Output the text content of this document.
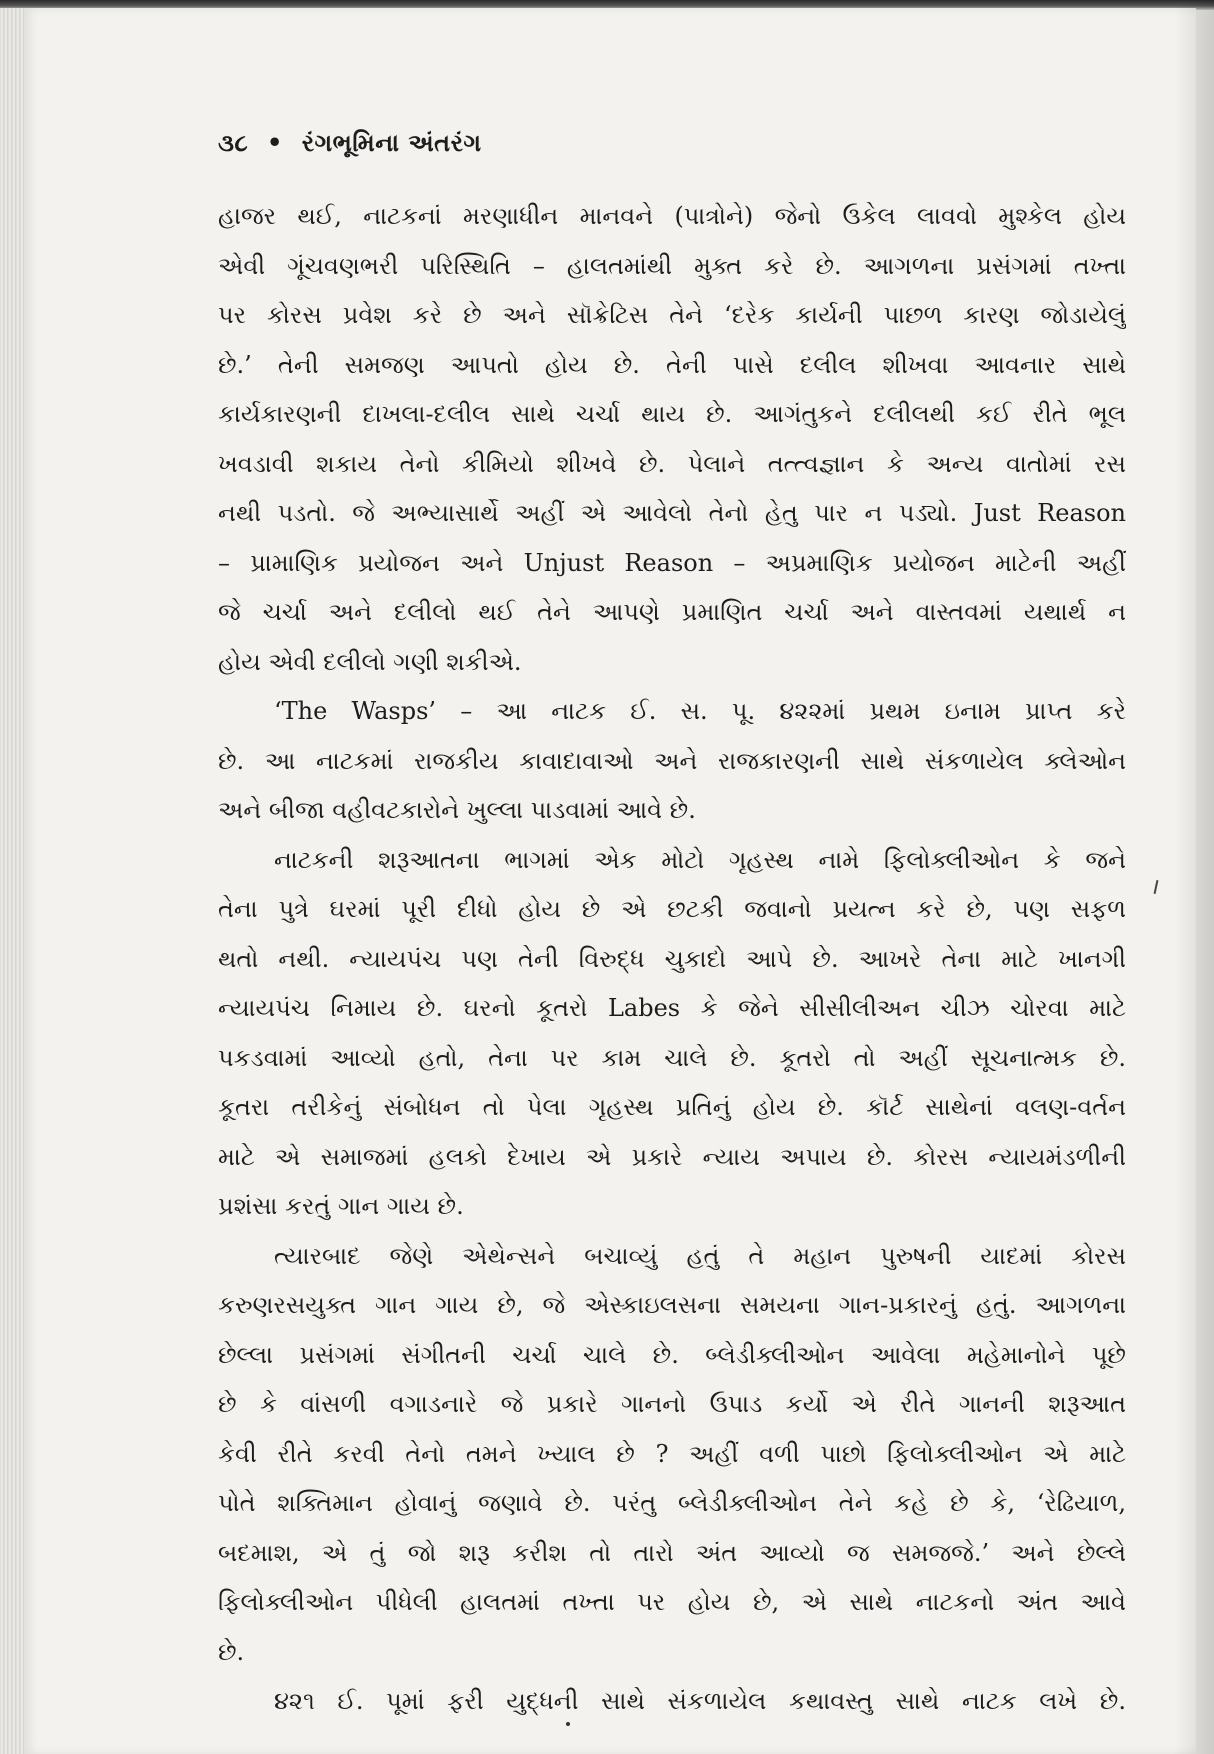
૩૮ • રંગભૂમિના અંતરંગ
હાજર થઈ, નાટકનાં મરણાધીન માનવને (પાત્રોને) જેનો ઉકેલ લાવવો મુશ્કેલ હોય
એવી ગૂંચવણભરી પરિસ્થિતિ – હાલતમાંથી મુક્ત કરે છે. આગળના પ્રસંગમાં તખ્તા
પર કોરસ પ્રવેશ કરે છે અને સૉક્રેટિસ તેને ‘દરેક કાર્યની પાછળ કારણ જોડાયેલું
છે.’ તેની સમજણ આપતો હોય છે. તેની પાસે દલીલ શીખવા આવનાર સાથે
કાર્યકારણની દાખલા-દલીલ સાથે ચર્ચા થાય છે. આગંતુકને દલીલથી કઈ રીતે ભૂલ
ખવડાવી શકાય તેનો કીમિયો શીખવે છે. પેલાને તત્ત્વજ્ઞાન કે અન્ય વાતોમાં રસ
નથી પડતો. જે અભ્યાસાર્થે અહીં એ આવેલો તેનો હેતુ પાર ન પડ્યો. Just Reason
– પ્રામાણિક પ્રયોજન અને Unjust Reason – અપ્રમાણિક પ્રયોજન માટેની અહીં
જે ચર્ચા અને દલીલો થઈ તેને આપણે પ્રમાણિત ચર્ચા અને વાસ્તવમાં યથાર્થ ન
હોય એવી દલીલો ગણી શકીએ.
‘The Wasps’ – આ નાટક ઈ. સ. પૂ. ૪૨૨માં પ્રથમ ઇનામ પ્રાપ્ત કરે
છે. આ નાટકમાં રાજકીય કાવાદાવાઓ અને રાજકારણની સાથે સંકળાયેલ ક્લેઓન
અને બીજા વહીવટકારોને ખુલ્લા પાડવામાં આવે છે.
નાટકની શરૂઆતના ભાગમાં એક મોટો ગૃહસ્થ નામે ફિલોક્લીઓન કે જને
તેના પુત્રે ઘરમાં પૂરી દીધો હોય છે એ છટકી જવાનો પ્રયત્ન કરે છે, પણ સફળ
થતો નથી. ન્યાયપંચ પણ તેની વિરુદ્ધ ચુકાદો આપે છે. આખરે તેના માટે ખાનગી
ન્યાયપંચ નિમાય છે. ઘરનો કૂતરો Labes કે જેને સીસીલીઅન ચીઝ ચોરવા માટે
પકડવામાં આવ્યો હતો, તેના પર કામ ચાલે છે. કૂતરો તો અહીં સૂચનાત્મક છે.
કૂતરા તરીકેનું સંબોધન તો પેલા ગૃહસ્થ પ્રતિનું હોય છે. કૉર્ટ સાથેનાં વલણ-વર્તન
માટે એ સમાજમાં હલકો દેખાય એ પ્રકારે ન્યાય અપાય છે. કોરસ ન્યાયમંડળીની
પ્રશંસા કરતું ગાન ગાય છે.
ત્યારબાદ જેણે એથેન્સને બચાવ્યું હતું તે મહાન પુરુષની યાદમાં કોરસ
કરુણરસયુક્ત ગાન ગાય છે, જે એસ્કાઇલસના સમયના ગાન-પ્રકારનું હતું. આગળના
છેલ્લા પ્રસંગમાં સંગીતની ચર્ચા ચાલે છે. બ્લેડીક્લીઓન આવેલા મહેમાનોને પૂછે
છે કે વાંસળી વગાડનારે જે પ્રકારે ગાનનો ઉપાડ કર્યો એ રીતે ગાનની શરૂઆત
કેવી રીતે કરવી તેનો તમને ખ્યાલ છે ? અહીં વળી પાછો ફિલોક્લીઓન એ માટે
પોતે શક્તિમાન હોવાનું જણાવે છે. પરંતુ બ્લેડીક્લીઓન તેને કહે છે કે, ‘રેઢિયાળ,
બદમાશ, એ તું જો શરૂ કરીશ તો તારો અંત આવ્યો જ સમજજે.’ અને છેલ્લે
ફિલોક્લીઓન પીધેલી હાલતમાં તખ્તા પર હોય છે, એ સાથે નાટકનો અંત આવે
છે.
૪૨૧ ઈ. પૂમાં ફરી યુદ્ધની સાથે સંકળાયેલ કથાવસ્તુ સાથે નાટક લખે છે.
